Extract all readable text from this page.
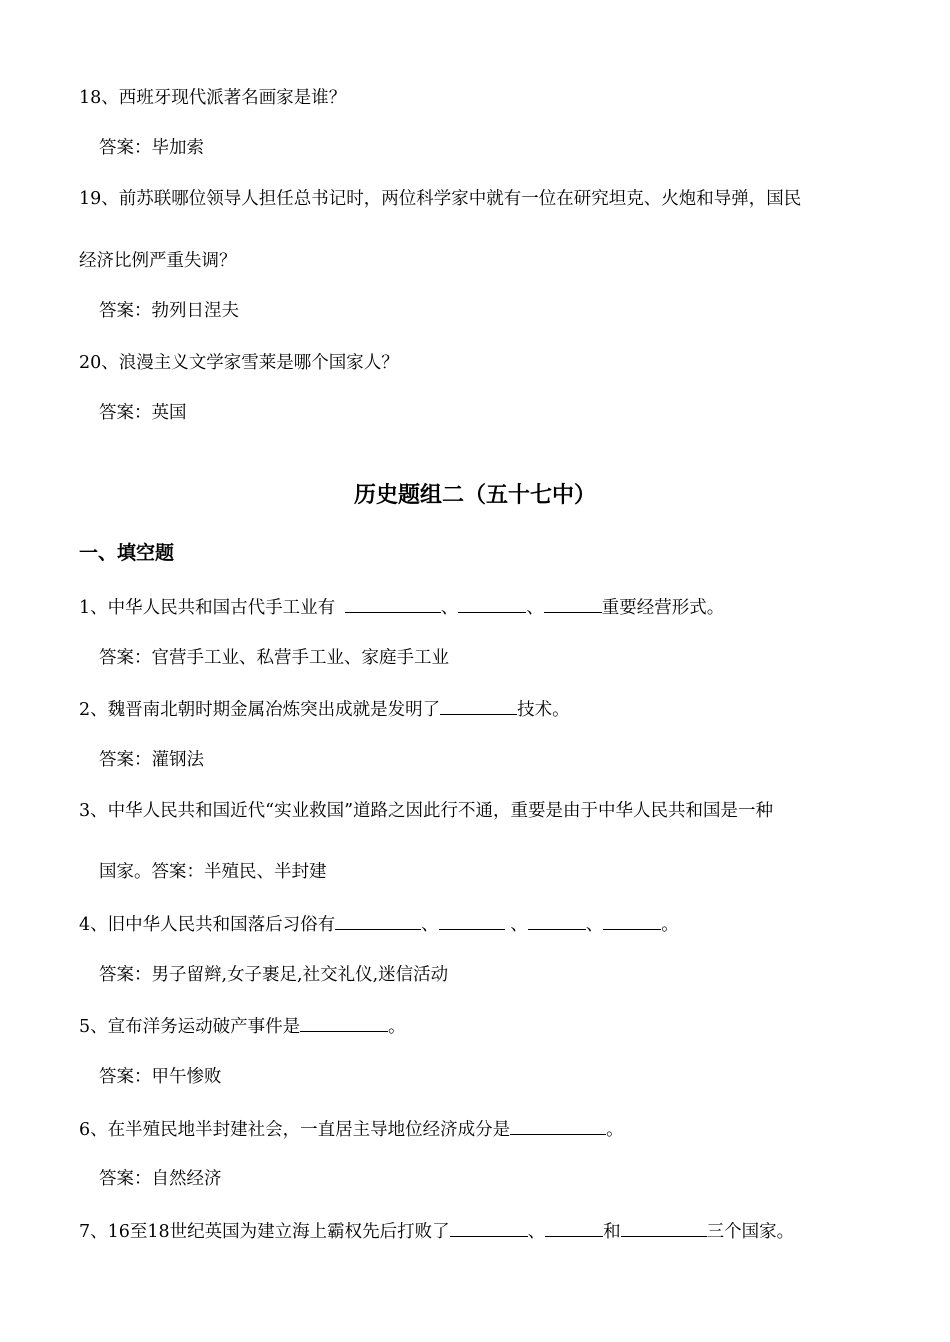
18、西班牙现代派著名画家是谁？
答案：毕加索
19、前苏联哪位领导人担任总书记时，两位科学家中就有一位在研究坦克、火炮和导弹，国民
经济比例严重失调？
答案：勃列日涅夫
20、浪漫主义文学家雪莱是哪个国家人？
答案：英国
历史题组二（五十七中）
一、填空题
1、中华人民共和国古代手工业有	、	、	重要经营形式。
答案：官营手工业、私营手工业、家庭手工业
2、魏晋南北朝时期金属冶炼突出成就是发明了	技术。
答案：灌钢法
3、中华人民共和国近代“实业救国”道路之因此行不通，重要是由于中华人民共和国是一种
国家。答案：半殖民、半封建
4、旧中华人民共和国落后习俗有	、	、	、	。
答案：男子留辫,女子裹足,社交礼仪,迷信活动
5、宣布洋务运动破产事件是	。
答案：甲午惨败
6、在半殖民地半封建社会，一直居主导地位经济成分是	。
答案：自然经济
7、16至18世纪英国为建立海上霸权先后打败了	、	和	三个国家。
